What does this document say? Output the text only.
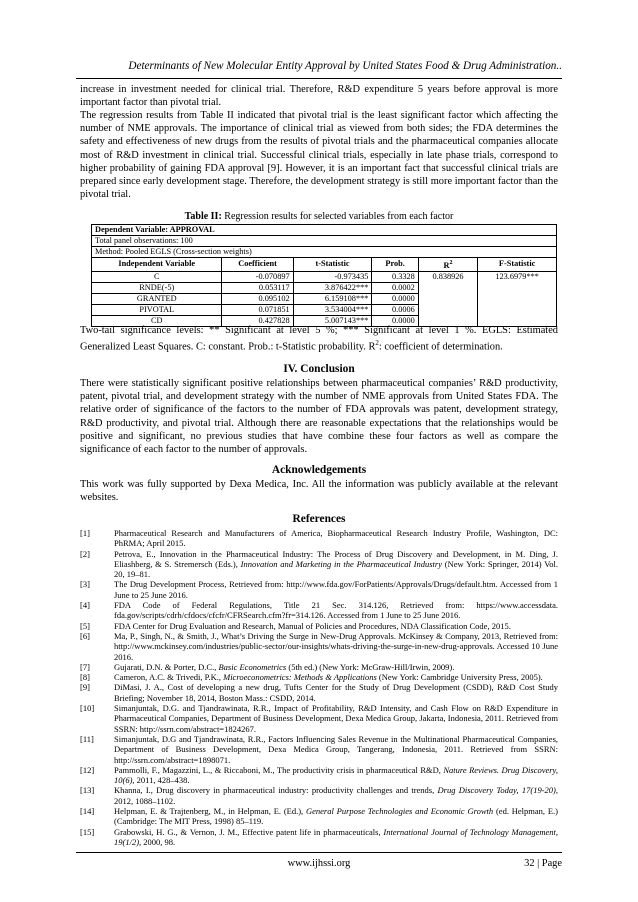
Determinants of New Molecular Entity Approval by United States Food & Drug Administration..
increase in investment needed for clinical trial. Therefore, R&D expenditure 5 years before approval is more important factor than pivotal trial.
The regression results from Table II indicated that pivotal trial is the least significant factor which affecting the number of NME approvals. The importance of clinical trial as viewed from both sides; the FDA determines the safety and effectiveness of new drugs from the results of pivotal trials and the pharmaceutical companies allocate most of R&D investment in clinical trial. Successful clinical trials, especially in late phase trials, correspond to higher probability of gaining FDA approval [9]. However, it is an important fact that successful clinical trials are prepared since early development stage. Therefore, the development strategy is still more important factor than the pivotal trial.
Table II: Regression results for selected variables from each factor
Dependent Variable: APPROVAL					
Total panel observations: 100					
Method: Pooled EGLS (Cross-section weights)					
Independent Variable	Coefficient	t-Statistic	Prob.	$R^2$	F-Statistic
C	-0.070897	-0.973435	0.3328	0.838926	123.6979***
RNDE(-5)	0.053117	3.876422***	0.0002		
GRANTED	0.095102	6.159108***	0.0000		
PIVOTAL	0.071851	3.534004***	0.0006		
CD	0.427828	5.007143***	0.0000		
Two-tail significance levels: ** Significant at level 5 %; *** Significant at level 1 %. EGLS: Estimated Generalized Least Squares. C: constant. Prob.: t-Statistic probability. $R^2$: coefficient of determination.
IV. Conclusion
There were statistically significant positive relationships between pharmaceutical companies’ R&D productivity, patent, pivotal trial, and development strategy with the number of NME approvals from United States FDA. The relative order of significance of the factors to the number of FDA approvals was patent, development strategy, R&D productivity, and pivotal trial. Although there are reasonable expectations that the relationships would be positive and significant, no previous studies that have combine these four factors as well as compare the significance of each factor to the number of approvals.
Acknowledgements
This work was fully supported by Dexa Medica, Inc. All the information was publicly available at the relevant websites.
References
[1]	Pharmaceutical Research and Manufacturers of America, Biopharmaceutical Research Industry Profile, Washington, DC: PhRMA; April 2015.
[2]	Petrova, E., Innovation in the Pharmaceutical Industry: The Process of Drug Discovery and Development, in M. Ding, J. Eliashberg, & S. Stremersch (Eds.), Innovation and Marketing in the Pharmaceutical Industry (New York: Springer, 2014) Vol. 20, 19–81.
[3]	The Drug Development Process, Retrieved from: http://www.fda.gov/ForPatients/Approvals/Drugs/default.htm. Accessed from 1 June to 25 June 2016.
[4]	FDA Code of Federal Regulations, Title 21 Sec. 314.126, Retrieved from: https://www.accessdata. fda.gov/scripts/cdrh/cfdocs/cfcfr/CFRSearch.cfm?fr=314.126. Accessed from 1 June to 25 June 2016.
[5]	FDA Center for Drug Evaluation and Research, Manual of Policies and Procedures, NDA Classification Code, 2015.
[6]	Ma, P., Singh, N., & Smith, J., What’s Driving the Surge in New-Drug Approvals. McKinsey & Company, 2013, Retrieved from: http://www.mckinsey.com/industries/public-sector/our-insights/whats-driving-the-surge-in-new-drug-approvals. Accessed 10 June 2016.
[7]	Gujarati, D.N. & Porter, D.C., Basic Econometrics (5th ed.) (New York: McGraw-Hill/Irwin, 2009).
[8]	Cameron, A.C. & Trivedi, P.K., Microeconometrics: Methods & Applications (New York: Cambridge University Press, 2005).
[9]	DiMasi, J. A., Cost of developing a new drug, Tufts Center for the Study of Drug Development (CSDD), R&D Cost Study Briefing; November 18, 2014, Boston Mass.: CSDD, 2014.
[10]	Simanjuntak, D.G. and Tjandrawinata, R.R., Impact of Profitability, R&D Intensity, and Cash Flow on R&D Expenditure in Pharmaceutical Companies, Department of Business Development, Dexa Medica Group, Jakarta, Indonesia, 2011. Retrieved from SSRN: http://ssrn.com/abstract=1824267.
[11]	Simanjuntak, D.G and Tjandrawinata, R.R., Factors Influencing Sales Revenue in the Multinational Pharmaceutical Companies, Department of Business Development, Dexa Medica Group, Tangerang, Indonesia, 2011. Retrieved from SSRN: http://ssrn.com/abstract=1898071.
[12]	Pammolli, F., Magazzini, L., & Riccaboni, M., The productivity crisis in pharmaceutical R&D, Nature Reviews. Drug Discovery, 10(6), 2011, 428–438.
[13]	Khanna, I., Drug discovery in pharmaceutical industry: productivity challenges and trends, Drug Discovery Today, 17(19-20), 2012, 1088–1102.
[14]	Helpman, E. & Trajtenberg, M., in Helpman, E. (Ed.), General Purpose Technologies and Economic Growth (ed. Helpman, E.) (Cambridge: The MIT Press, 1998) 85–119.
[15]	Grabowski, H. G., & Vernon, J. M., Effective patent life in pharmaceuticals, International Journal of Technology Management, 19(1/2), 2000, 98.
www.ijhssi.org	32 | Page
